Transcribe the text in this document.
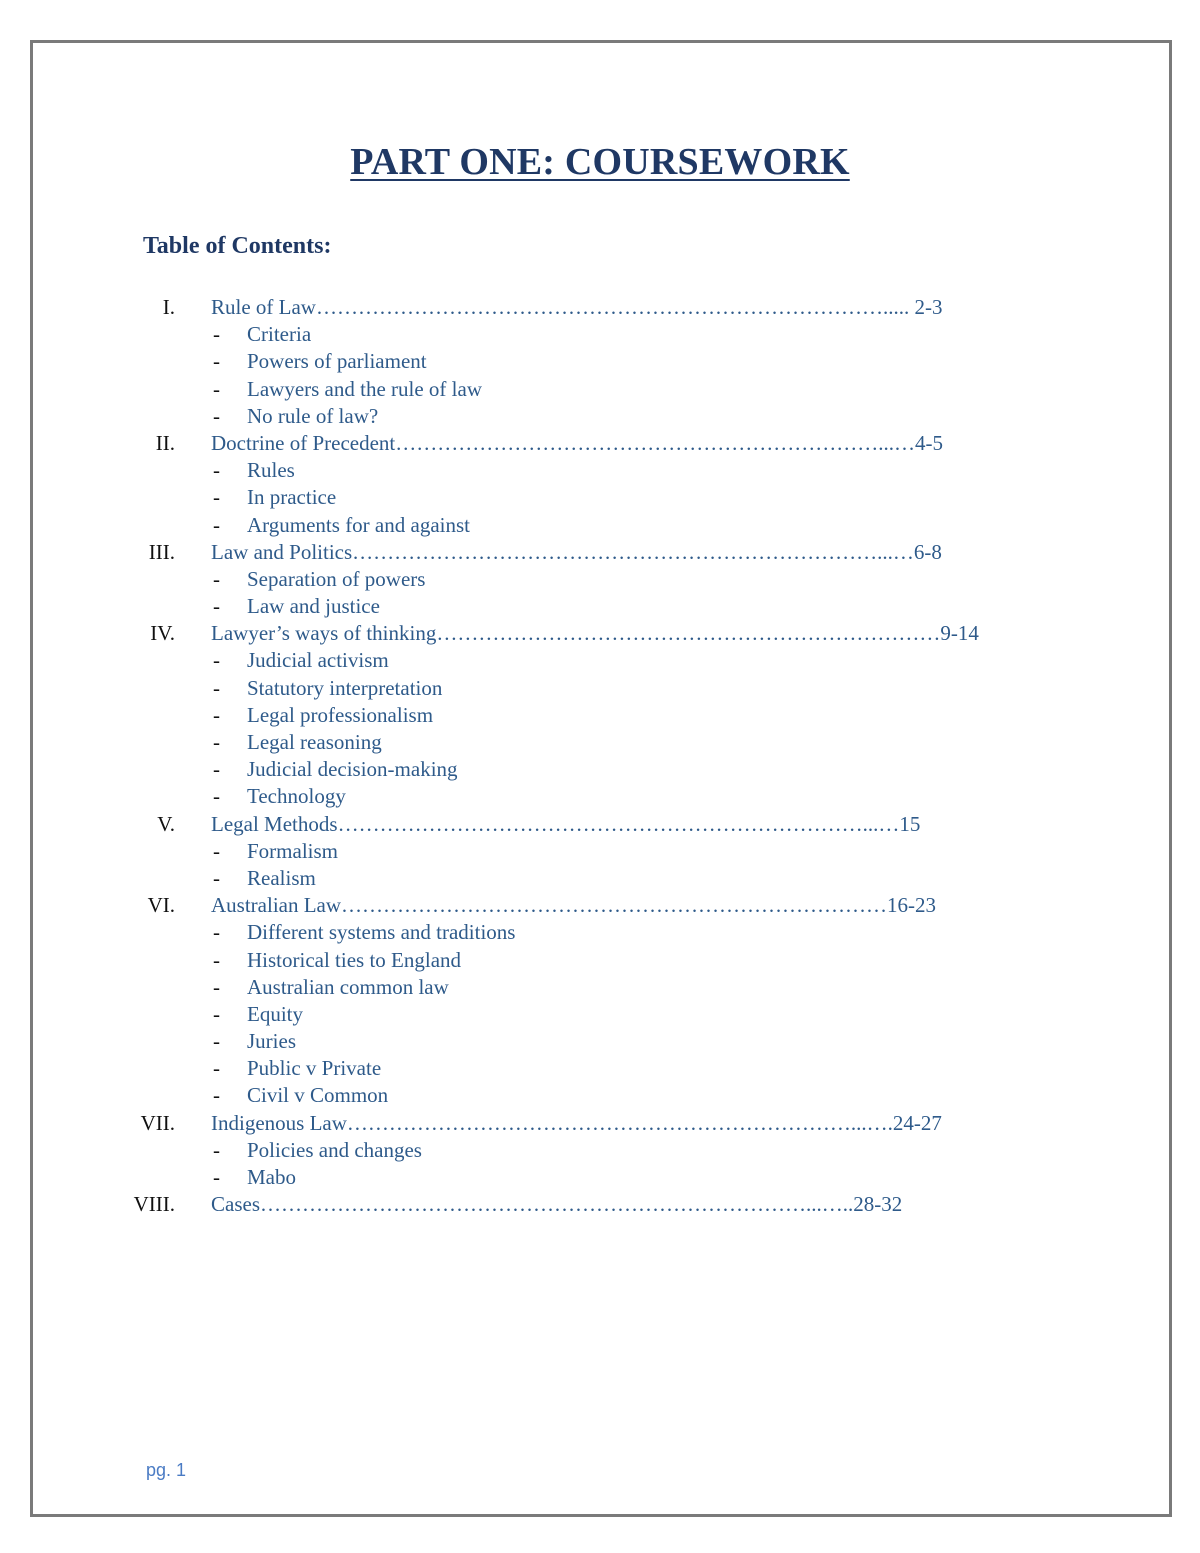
PART ONE: COURSEWORK
Table of Contents:
I. Rule of Law………………………………………………………………………..... 2-3
- Criteria
- Powers of parliament
- Lawyers and the rule of law
- No rule of law?
II. Doctrine of Precedent……………………………………………………………...…4-5
- Rules
- In practice
- Arguments for and against
III. Law and Politics…………………………………………………………………...…6-8
- Separation of powers
- Law and justice
IV. Lawyer’s ways of thinking………………………………………………………………9-14
- Judicial activism
- Statutory interpretation
- Legal professionalism
- Legal reasoning
- Judicial decision-making
- Technology
V. Legal Methods…………………………………………………………………...…15
- Formalism
- Realism
VI. Australian Law……………………………………………………………………16-23
- Different systems and traditions
- Historical ties to England
- Australian common law
- Equity
- Juries
- Public v Private
- Civil v Common
VII. Indigenous Law………………………………………………………………...….24-27
- Policies and changes
- Mabo
VIII. Cases……………………………………………………………………...…..28-32
pg. 1
